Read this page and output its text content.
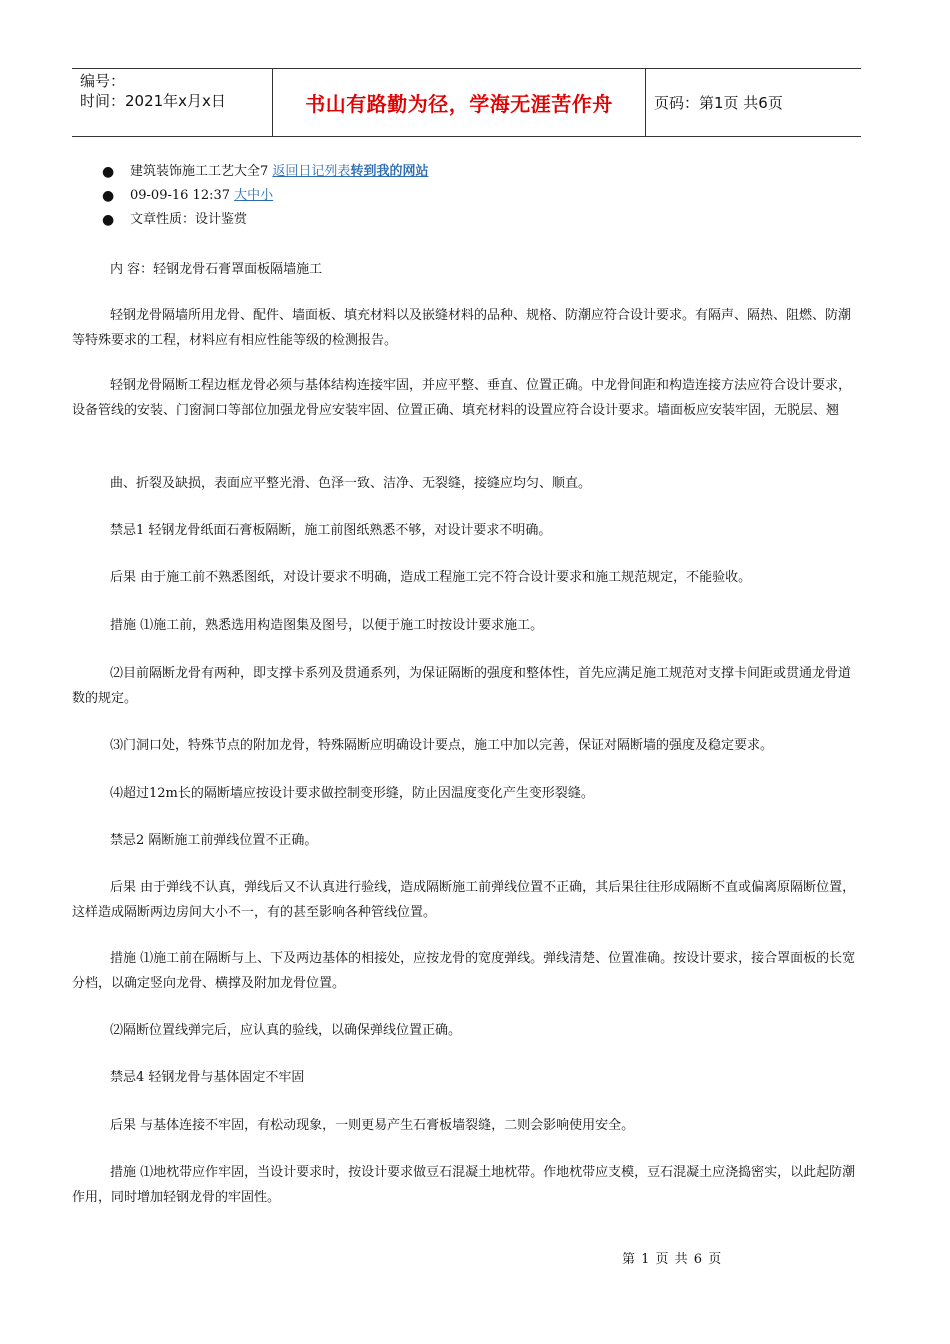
编号：
时间：2021年x月x日	书山有路勤为径，学海无涯苦作舟	页码：第1页 共6页
● 建筑装饰施工工艺大全7 返回日记列表转到我的网站
● 09-09-16 12:37 大中小
● 文章性质：设计鉴赏

内 容：轻钢龙骨石膏罩面板隔墙施工

轻钢龙骨隔墙所用龙骨、配件、墙面板、填充材料以及嵌缝材料的品种、规格、防潮应符合设计要求。有隔声、隔热、阻燃、防潮等特殊要求的工程，材料应有相应性能等级的检测报告。

轻钢龙骨隔断工程边框龙骨必须与基体结构连接牢固，并应平整、垂直、位置正确。中龙骨间距和构造连接方法应符合设计要求，设备管线的安装、门窗洞口等部位加强龙骨应安装牢固、位置正确、填充材料的设置应符合设计要求。墙面板应安装牢固，无脱层、翘

曲、折裂及缺损，表面应平整光滑、色泽一致、洁净、无裂缝，接缝应均匀、顺直。

禁忌1 轻钢龙骨纸面石膏板隔断，施工前图纸熟悉不够，对设计要求不明确。

后果 由于施工前不熟悉图纸，对设计要求不明确，造成工程施工完不符合设计要求和施工规范规定，不能验收。

措施 ⑴施工前，熟悉选用构造图集及图号，以便于施工时按设计要求施工。

⑵目前隔断龙骨有两种，即支撑卡系列及贯通系列，为保证隔断的强度和整体性，首先应满足施工规范对支撑卡间距或贯通龙骨道数的规定。

⑶门洞口处，特殊节点的附加龙骨，特殊隔断应明确设计要点，施工中加以完善，保证对隔断墙的强度及稳定要求。

⑷超过12m长的隔断墙应按设计要求做控制变形缝，防止因温度变化产生变形裂缝。

禁忌2 隔断施工前弹线位置不正确。

后果 由于弹线不认真，弹线后又不认真进行验线，造成隔断施工前弹线位置不正确，其后果往往形成隔断不直或偏离原隔断位置，这样造成隔断两边房间大小不一，有的甚至影响各种管线位置。

措施 ⑴施工前在隔断与上、下及两边基体的相接处，应按龙骨的宽度弹线。弹线清楚、位置准确。按设计要求，接合罩面板的长宽分档，以确定竖向龙骨、横撑及附加龙骨位置。

⑵隔断位置线弹完后，应认真的验线，以确保弹线位置正确。

禁忌4 轻钢龙骨与基体固定不牢固

后果 与基体连接不牢固，有松动现象，一则更易产生石膏板墙裂缝，二则会影响使用安全。

措施 ⑴地枕带应作牢固，当设计要求时，按设计要求做豆石混凝土地枕带。作地枕带应支模，豆石混凝土应浇捣密实，以此起防潮作用，同时增加轻钢龙骨的牢固性。

第 1 页 共 6 页
